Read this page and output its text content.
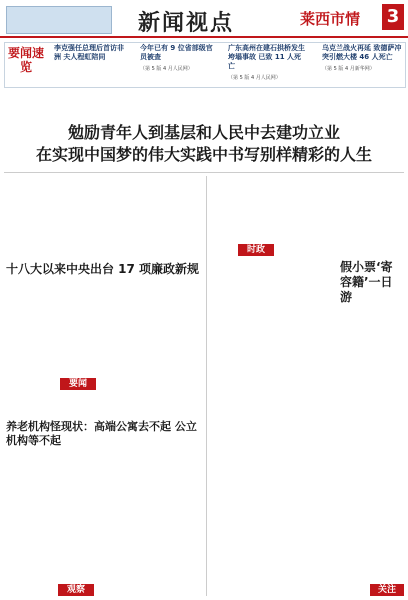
新闻视点	莱西市情 3
要闻速览
李克强任总理后首访非洲 夫人程虹陪同
今年已有 9 位省部级官员被查
（第 5 版 4 月人民网）
广东高州在建石拱桥发生垮塌事故 已致 11 人死亡
（第 5 版 4 月人民网）
乌克兰战火再延 致德萨冲突引燃大楼 46 人死亡
（第 5 版 4 月新华网）
勉励青年人到基层和人民中去建功立业
在实现中国梦的伟大实践中书写别样精彩的人生
十八大以来中央出台 17 项廉政新规
养老机构怪现状：高端公寓去不起 公立机构等不起
假小票‘寄容籍’一日游
时政
要闻
观察	关注
